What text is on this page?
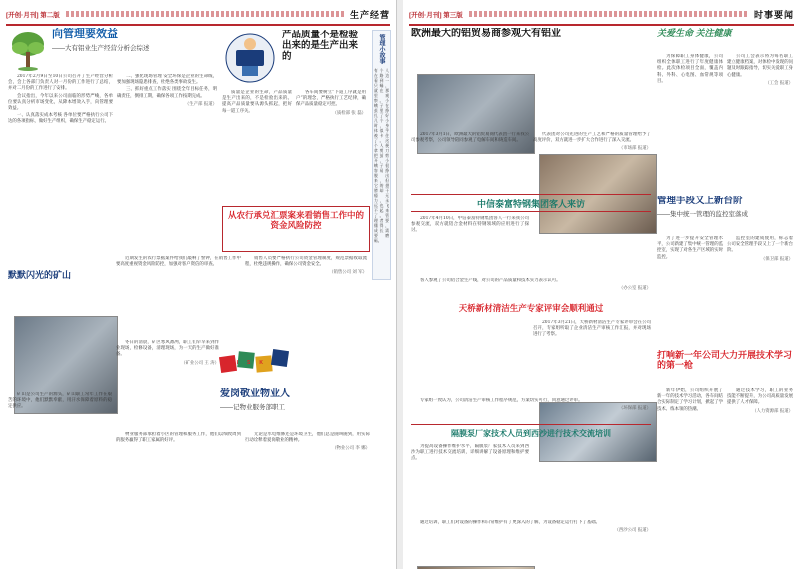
[开创·月刊] 第二版	生产经营
向管理要效益
——大有铝业生产经营分析会综述

2017年2月9日至10日公司召开了生产经营分析会，会上各部门负责人对一月份的工作进行了总结，并对二月份的工作进行了安排。

会议指出，今年以来公司面临的形势严峻，各单位要认真分析市场变化，从降本增效入手，向管理要效益。

一、认真落实成本考核 各单位要严格执行公司下达的各项指标，做好生产组织，确保生产稳定运行。

二、强化现场管理 安全环保是企业的生命线，要加强现场隐患排查，杜绝各类事故发生。

三、抓好重点工作落实 围绕全年目标任务，明确责任，倒排工期，确保各项工作按期完成。

（生产部 报道）
产品质量不是检验出来的是生产出来的

质量是企业的生命，产品质量是生产出来的，不是检验出来的。提高产品质量要从源头抓起，把好每一道工序关。

各车间要树立“下道工序就是用户”的理念，严格执行工艺纪律，确保产品质量稳定可控。

（质检部 张 磊）
从农行承兑汇票案来看销售工作中的资金风险防控

近期发生的农行票据案件给我们敲响了警钟，在销售工作中要高度重视资金风险防控，加强对客户资信的审查。

销售人员要严格执行公司资金管理制度，规范票据收取流程，杜绝违规操作，确保公司资金安全。

（销售公司 刘 军）
管理小故事
有个人在路边看到一只蛹，就在那里观察。小蛾子在茧里挣扎了好几个小时，身体似乎被卡住了。这个人便拿剪刀把茧剪开，小蛾子很容易挣脱出来，但它的翅膀却干瘪无力，永远也飞不起来了。管理者要懂得，成长需要磨砺。
默默闪光的矿山

矿山是公司生产的源头，矿山职工常年工作在艰苦的环境中，他们默默奉献，用汗水保障着原料的稳定供应。

冬日的清晨，矿区寒风凛冽，职工们早早来到作业现场，检修设备，清理现场，为一天的生产做好准备。

（矿业公司 王 涛）	RISK
爱岗敬业物业人
——记物业服务部职工

物业服务部承担着小区的管理和服务工作，他们以细致周到的服务赢得了职工家属的好评。

无论是水电维修还是环境卫生，他们总是随叫随到，用实际行动诠释着爱岗敬业的精神。

（物业公司 李 娜）
[开创·月刊] 第三版	时事要闻
欧洲最大的铝贸易商参观大有铝业

2017年3月1日，欧洲最大的铝贸易商代表团一行来我公司参观考察，公司领导陪同参观了电解车间和铸造车间。

代表团对公司先进的生产工艺和严格的质量管理给予了高度评价，双方就进一步扩大合作进行了深入交流。

（市场部 报道）
关爱生命 关注健康

为保障职工身体健康，公司组织全体职工进行了年度健康体检。此次体检项目全面，覆盖内科、外科、心电图、血常规等项目。

公司工会表示将为每名职工建立健康档案，对体检中发现的问题及时跟踪指导，切实关爱职工身心健康。

（工会 报道）
中信泰富特钢集团客人来访

2017年4月10日，中信泰富特钢集团客人一行来我公司参观交流，双方就铝合金材料在特钢领域的应用进行了探讨。

客人参观了公司铝合金生产线，对公司的产品质量和技术实力表示认可。

（办公室 报道）
天桥新材清洁生产专家评审会顺利通过

2017年3月21日，天桥新材清洁生产专家评审会在公司召开，专家组听取了企业清洁生产审核工作汇报，并对现场进行了考察。

专家组一致认为，公司清洁生产审核工作程序规范，方案切实可行，同意通过评审。

（环保部 报道）
管理手段又上新台阶
——集中统一管理的监控室落成

为了进一步提升安全管理水平，公司新建了集中统一管理的监控室，实现了对各生产区域的实时监控。

监控室的建成使用，标志着公司安全管理手段又上了一个新台阶。

（保卫部 报道）
隔膜泵厂家技术人员到西沙进行技术交流培训

为提高设备操作维护水平，隔膜泵厂家技术人员来到西沙为职工进行技术交流培训，详细讲解了设备原理和维护要点。

通过培训，职工们对设备的操作和日常维护有了更深入的了解，为设备稳定运行打下了基础。

（西沙公司 报道）
打响新一年公司大力开展技术学习的第一枪

新年伊始，公司组织开展了新一年的技术学习活动，各车间结合实际制定了学习计划，掀起了学技术、练本领的热潮。

通过技术学习，职工的业务技能不断提升，为公司高质量发展提供了人才保障。

（人力资源部 报道）
